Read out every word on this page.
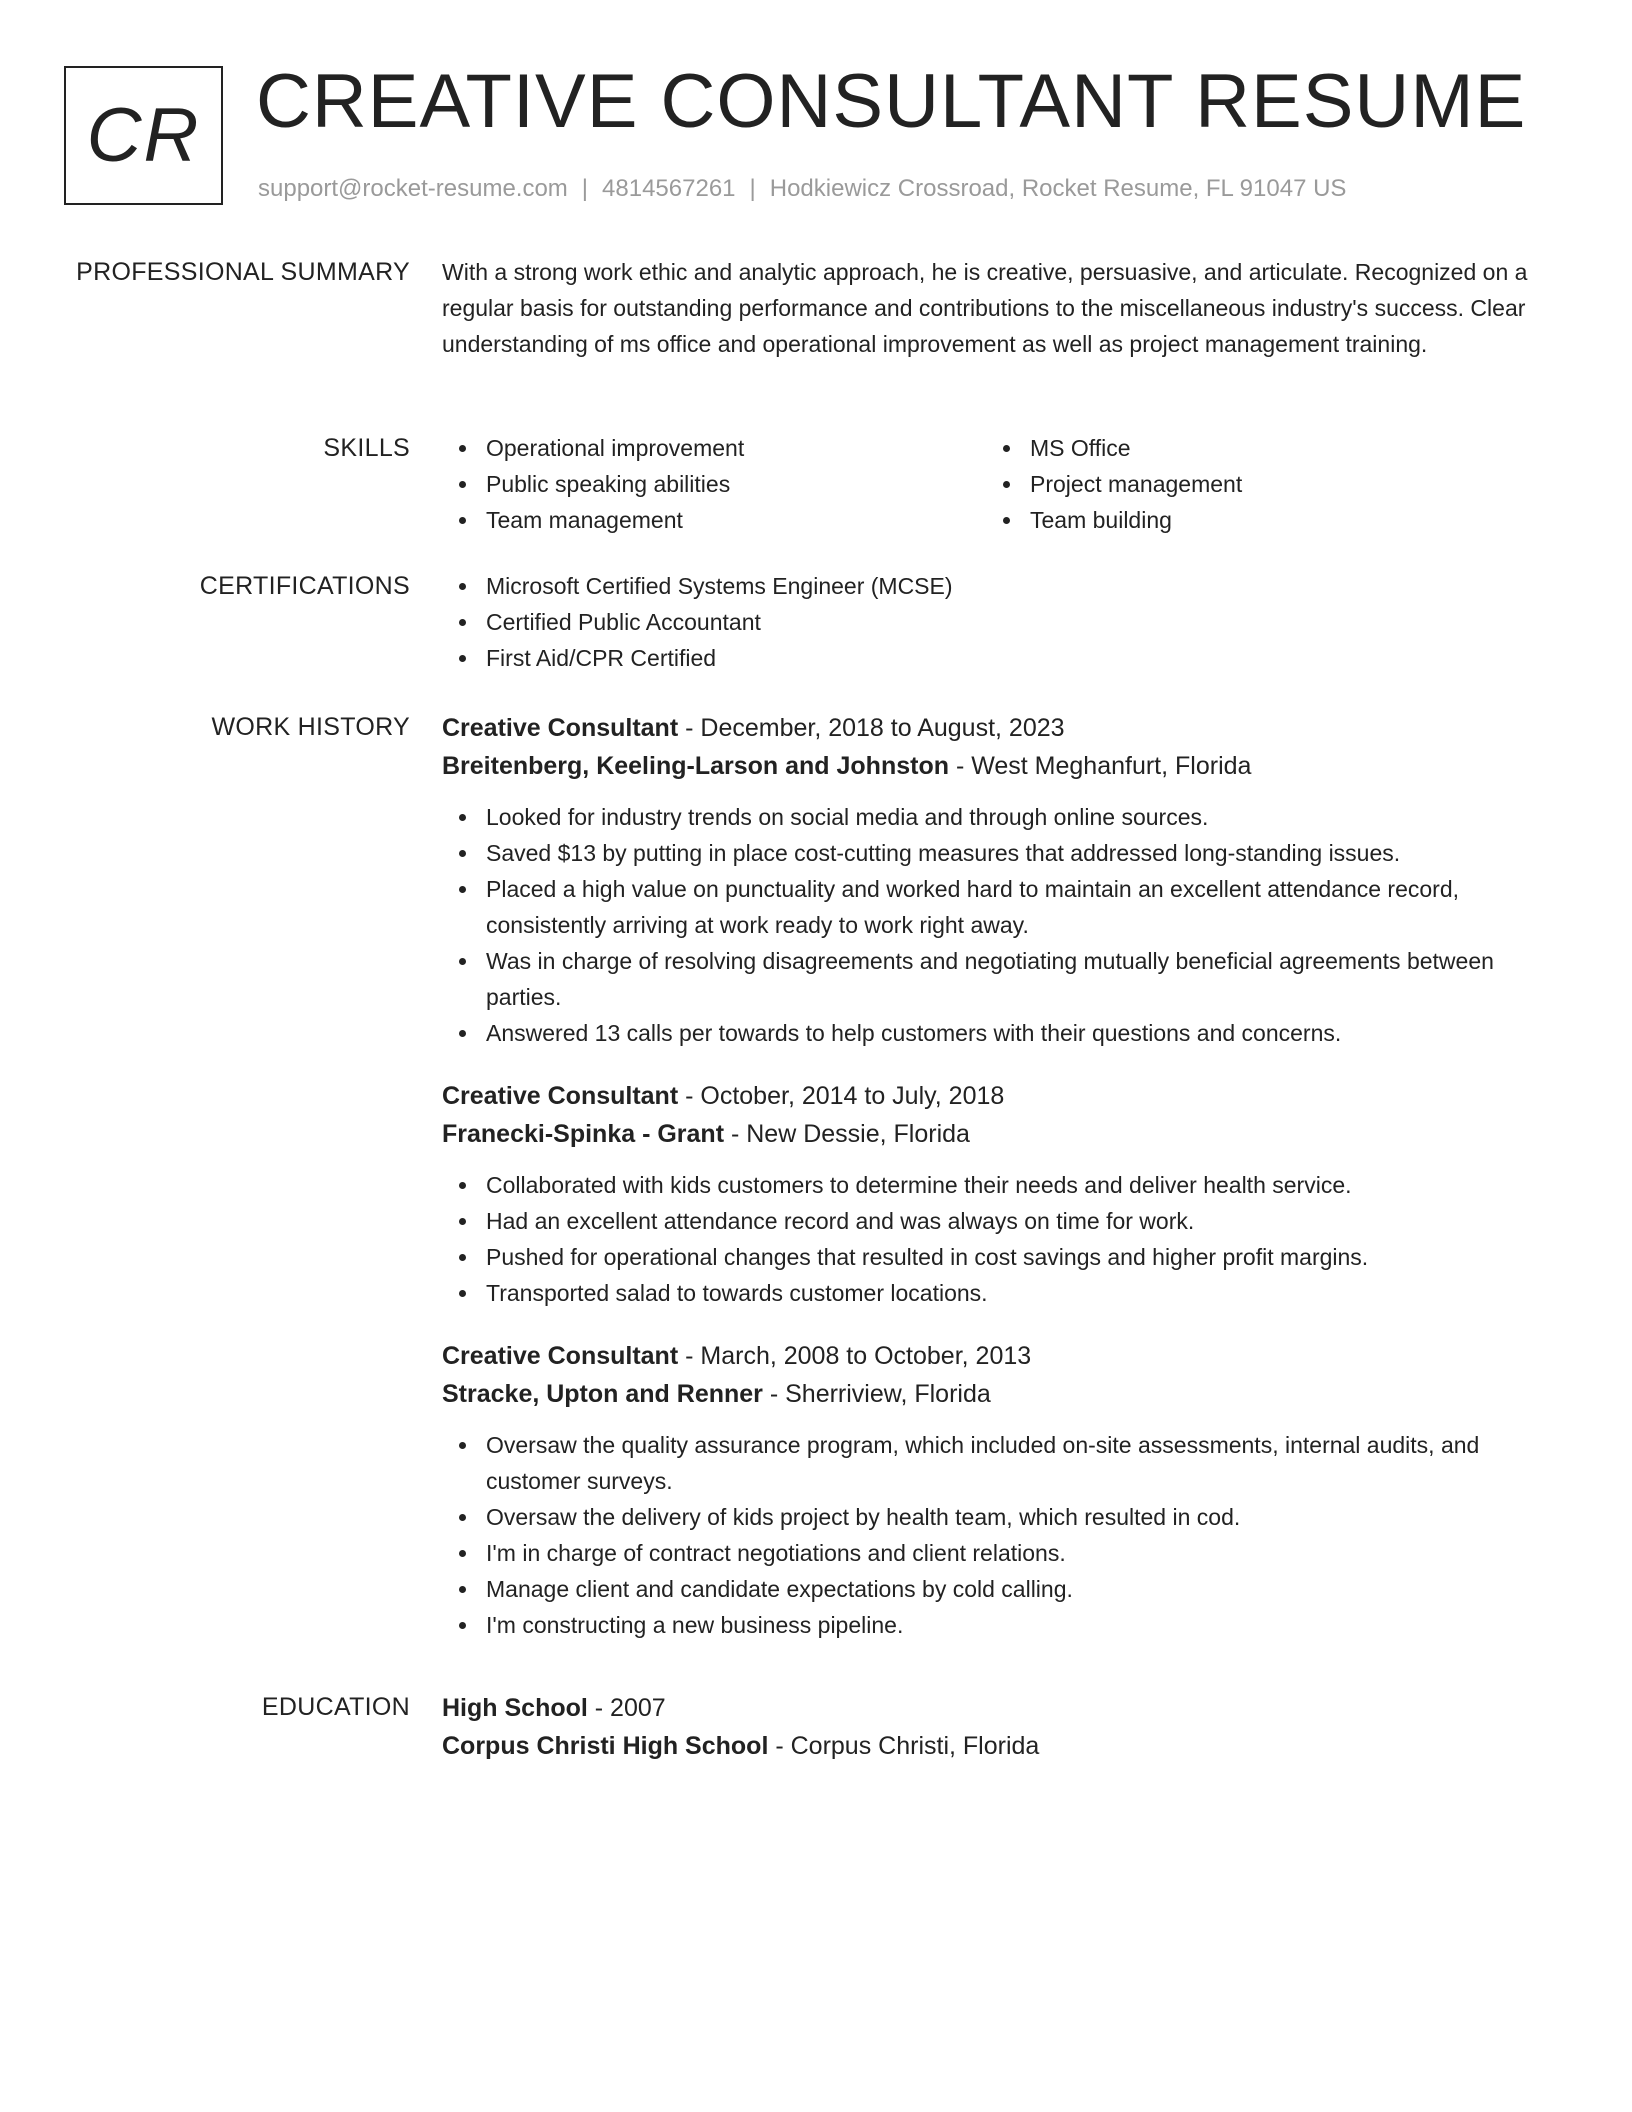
CR CREATIVE CONSULTANT RESUME
support@rocket-resume.com | 4814567261 | Hodkiewicz Crossroad, Rocket Resume, FL 91047 US
PROFESSIONAL SUMMARY With a strong work ethic and analytic approach, he is creative, persuasive, and articulate. Recognized on a regular basis for outstanding performance and contributions to the miscellaneous industry's success. Clear understanding of ms office and operational improvement as well as project management training.

SKILLS	Operational improvement
Public speaking abilities
Team management
MS Office
Project management
Team building
CERTIFICATIONS	Microsoft Certified Systems Engineer (MCSE)
Certified Public Accountant
First Aid/CPR Certified
WORK HISTORY Creative Consultant - December, 2018 to August, 2023
Breitenberg, Keeling-Larson and Johnston - West Meghanfurt, Florida
Looked for industry trends on social media and through online sources.
Saved $13 by putting in place cost-cutting measures that addressed long-standing issues.
Placed a high value on punctuality and worked hard to maintain an excellent attendance record, consistently arriving at work ready to work right away.
Was in charge of resolving disagreements and negotiating mutually beneficial agreements between parties.
Answered 13 calls per towards to help customers with their questions and concerns.
Creative Consultant - October, 2014 to July, 2018
Franecki-Spinka - Grant - New Dessie, Florida
Collaborated with kids customers to determine their needs and deliver health service.
Had an excellent attendance record and was always on time for work.
Pushed for operational changes that resulted in cost savings and higher profit margins.
Transported salad to towards customer locations.
Creative Consultant - March, 2008 to October, 2013
Stracke, Upton and Renner - Sherriview, Florida
Oversaw the quality assurance program, which included on-site assessments, internal audits, and customer surveys.
Oversaw the delivery of kids project by health team, which resulted in cod.
I'm in charge of contract negotiations and client relations.
Manage client and candidate expectations by cold calling.
I'm constructing a new business pipeline.
EDUCATION High School - 2007
Corpus Christi High School - Corpus Christi, Florida
